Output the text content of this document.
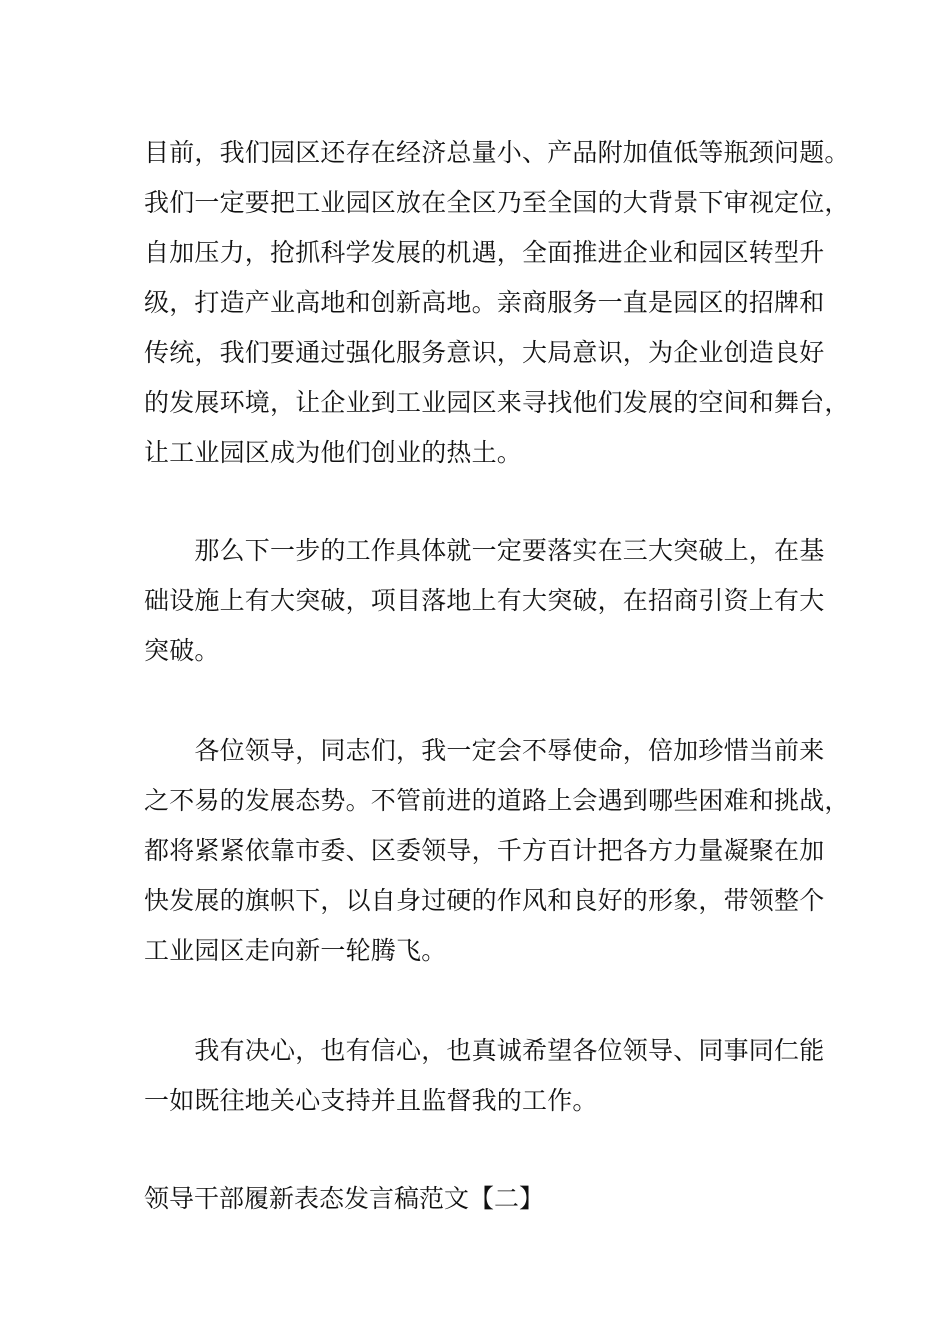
目前，我们园区还存在经济总量小、产品附加值低等瓶颈问题。
我们一定要把工业园区放在全区乃至全国的大背景下审视定位，
自加压力，抢抓科学发展的机遇，全面推进企业和园区转型升
级，打造产业高地和创新高地。亲商服务一直是园区的招牌和
传统，我们要通过强化服务意识，大局意识，为企业创造良好
的发展环境，让企业到工业园区来寻找他们发展的空间和舞台，
让工业园区成为他们创业的热土。
　　那么下一步的工作具体就一定要落实在三大突破上，在基
础设施上有大突破，项目落地上有大突破，在招商引资上有大
突破。
　　各位领导，同志们，我一定会不辱使命，倍加珍惜当前来
之不易的发展态势。不管前进的道路上会遇到哪些困难和挑战，
都将紧紧依靠市委、区委领导，千方百计把各方力量凝聚在加
快发展的旗帜下，以自身过硬的作风和良好的形象，带领整个
工业园区走向新一轮腾飞。
　　我有决心，也有信心，也真诚希望各位领导、同事同仁能
一如既往地关心支持并且监督我的工作。
领导干部履新表态发言稿范文【二】
